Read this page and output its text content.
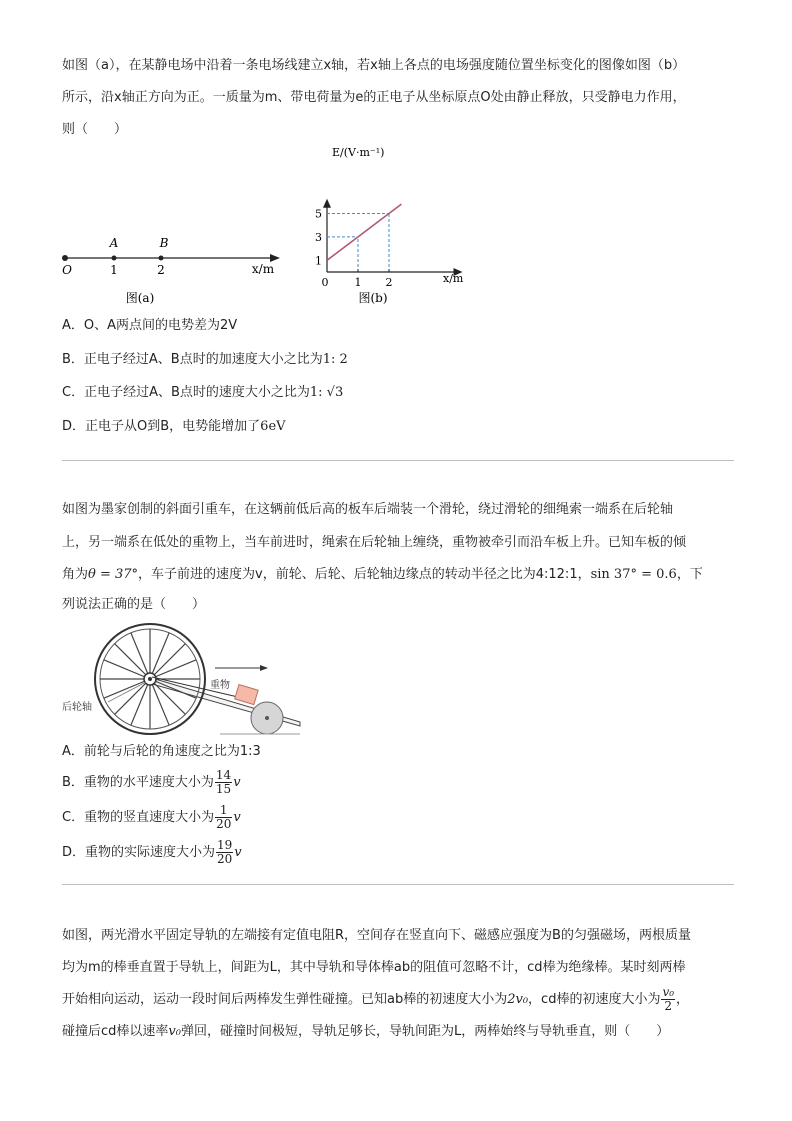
如图（a），在某静电场中沿着一条电场线建立x轴，若x轴上各点的电场强度随位置坐标变化的图像如图（b）
所示，沿x轴正方向为正。一质量为m、带电荷量为e的正电子从坐标原点O处由静止释放，只受静电力作用，
则（　　）
A	B
O	1	2	x/m
图(a)
0 1 2
1
3
5
E/(V·m⁻¹)
x/m
图(b)
A．O、A两点间的电势差为2V
B．正电子经过A、B点时的加速度大小之比为1: 2
C．正电子经过A、B点时的速度大小之比为1: √3
D．正电子从O到B，电势能增加了6eV
如图为墨家创制的斜面引重车，在这辆前低后高的板车后端装一个滑轮，绕过滑轮的细绳索一端系在后轮轴
上，另一端系在低处的重物上，当车前进时，绳索在后轮轴上缠绕，重物被牵引而沿车板上升。已知车板的倾
角为θ = 37°，车子前进的速度为v，前轮、后轮、后轮轴边缘点的转动半径之比为4:12:1，sin 37° = 0.6，下
列说法正确的是（　　）
后轮轴
重物
A．前轮与后轮的角速度之比为1:3
B．重物的水平速度大小为 $\frac{14}{15}$ v
C．重物的竖直速度大小为 $\frac{1}{20}$ v
D．重物的实际速度大小为 $\frac{19}{20}$ v
如图，两光滑水平固定导轨的左端接有定值电阻R，空间存在竖直向下、磁感应强度为B的匀强磁场，两根质量
均为m的棒垂直置于导轨上，间距为L，其中导轨和导体棒ab的阻值可忽略不计，cd棒为绝缘棒。某时刻两棒
开始相向运动，运动一段时间后两棒发生弹性碰撞。已知ab棒的初速度大小为2v₀，cd棒的初速度大小为 $\frac{\text{v₀}}{2}$ ，
碰撞后cd棒以速率v₀弹回，碰撞时间极短，导轨足够长，导轨间距为L，两棒始终与导轨垂直，则（　　）
